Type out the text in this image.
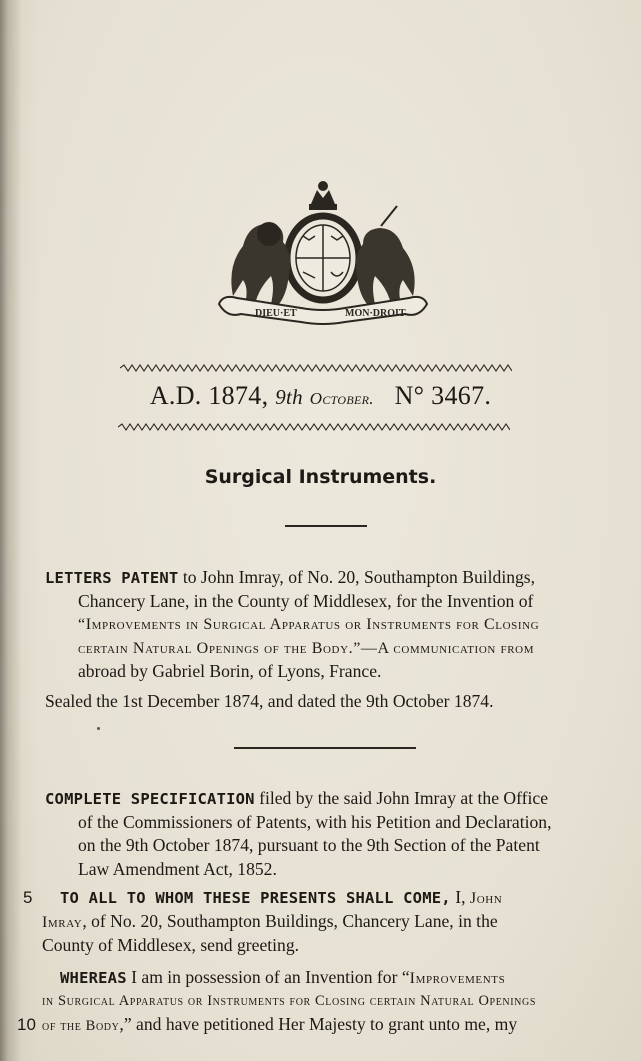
DIEU·ET	MON·DROIT
A.D. 1874, 9th October. N° 3467.
Surgical Instruments.
LETTERS PATENT to John Imray, of No. 20, Southampton Buildings,
Chancery Lane, in the County of Middlesex, for the Invention of
“Improvements in Surgical Apparatus or Instruments for Closing
certain Natural Openings of the Body.”—A communication from
abroad by Gabriel Borin, of Lyons, France.
Sealed the 1st December 1874, and dated the 9th October 1874.
COMPLETE SPECIFICATION filed by the said John Imray at the Office
of the Commissioners of Patents, with his Petition and Declaration,
on the 9th October 1874, pursuant to the 9th Section of the Patent
Law Amendment Act, 1852.
5 TO ALL TO WHOM THESE PRESENTS SHALL COME, I, John
Imray, of No. 20, Southampton Buildings, Chancery Lane, in the
County of Middlesex, send greeting.
WHEREAS I am in possession of an Invention for “Improvements
in Surgical Apparatus or Instruments for Closing certain Natural Openings
of the Body,” and have petitioned Her Majesty to grant unto me, my
10
